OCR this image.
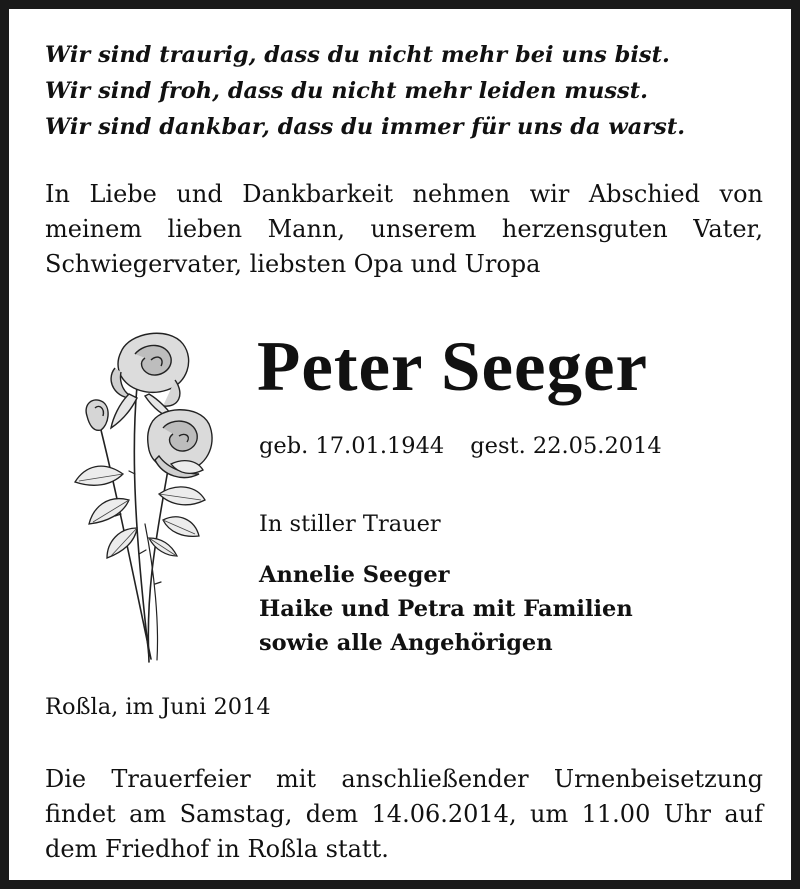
Wir sind traurig, dass du nicht mehr bei uns bist.
Wir sind froh, dass du nicht mehr leiden musst.
Wir sind dankbar, dass du immer für uns da warst.
In Liebe und Dankbarkeit nehmen wir Abschied von meinem lieben Mann, unserem herzensguten Vater, Schwiegervater, liebsten Opa und Uropa
Peter Seeger
geb. 17.01.1944 gest. 22.05.2014
In stiller Trauer
Annelie Seeger
Haike und Petra mit Familien
sowie alle Angehörigen
Roßla, im Juni 2014
Die Trauerfeier mit anschließender Urnenbeisetzung findet am Samstag, dem 14.06.2014, um 11.00 Uhr auf dem Friedhof in Roßla statt.
